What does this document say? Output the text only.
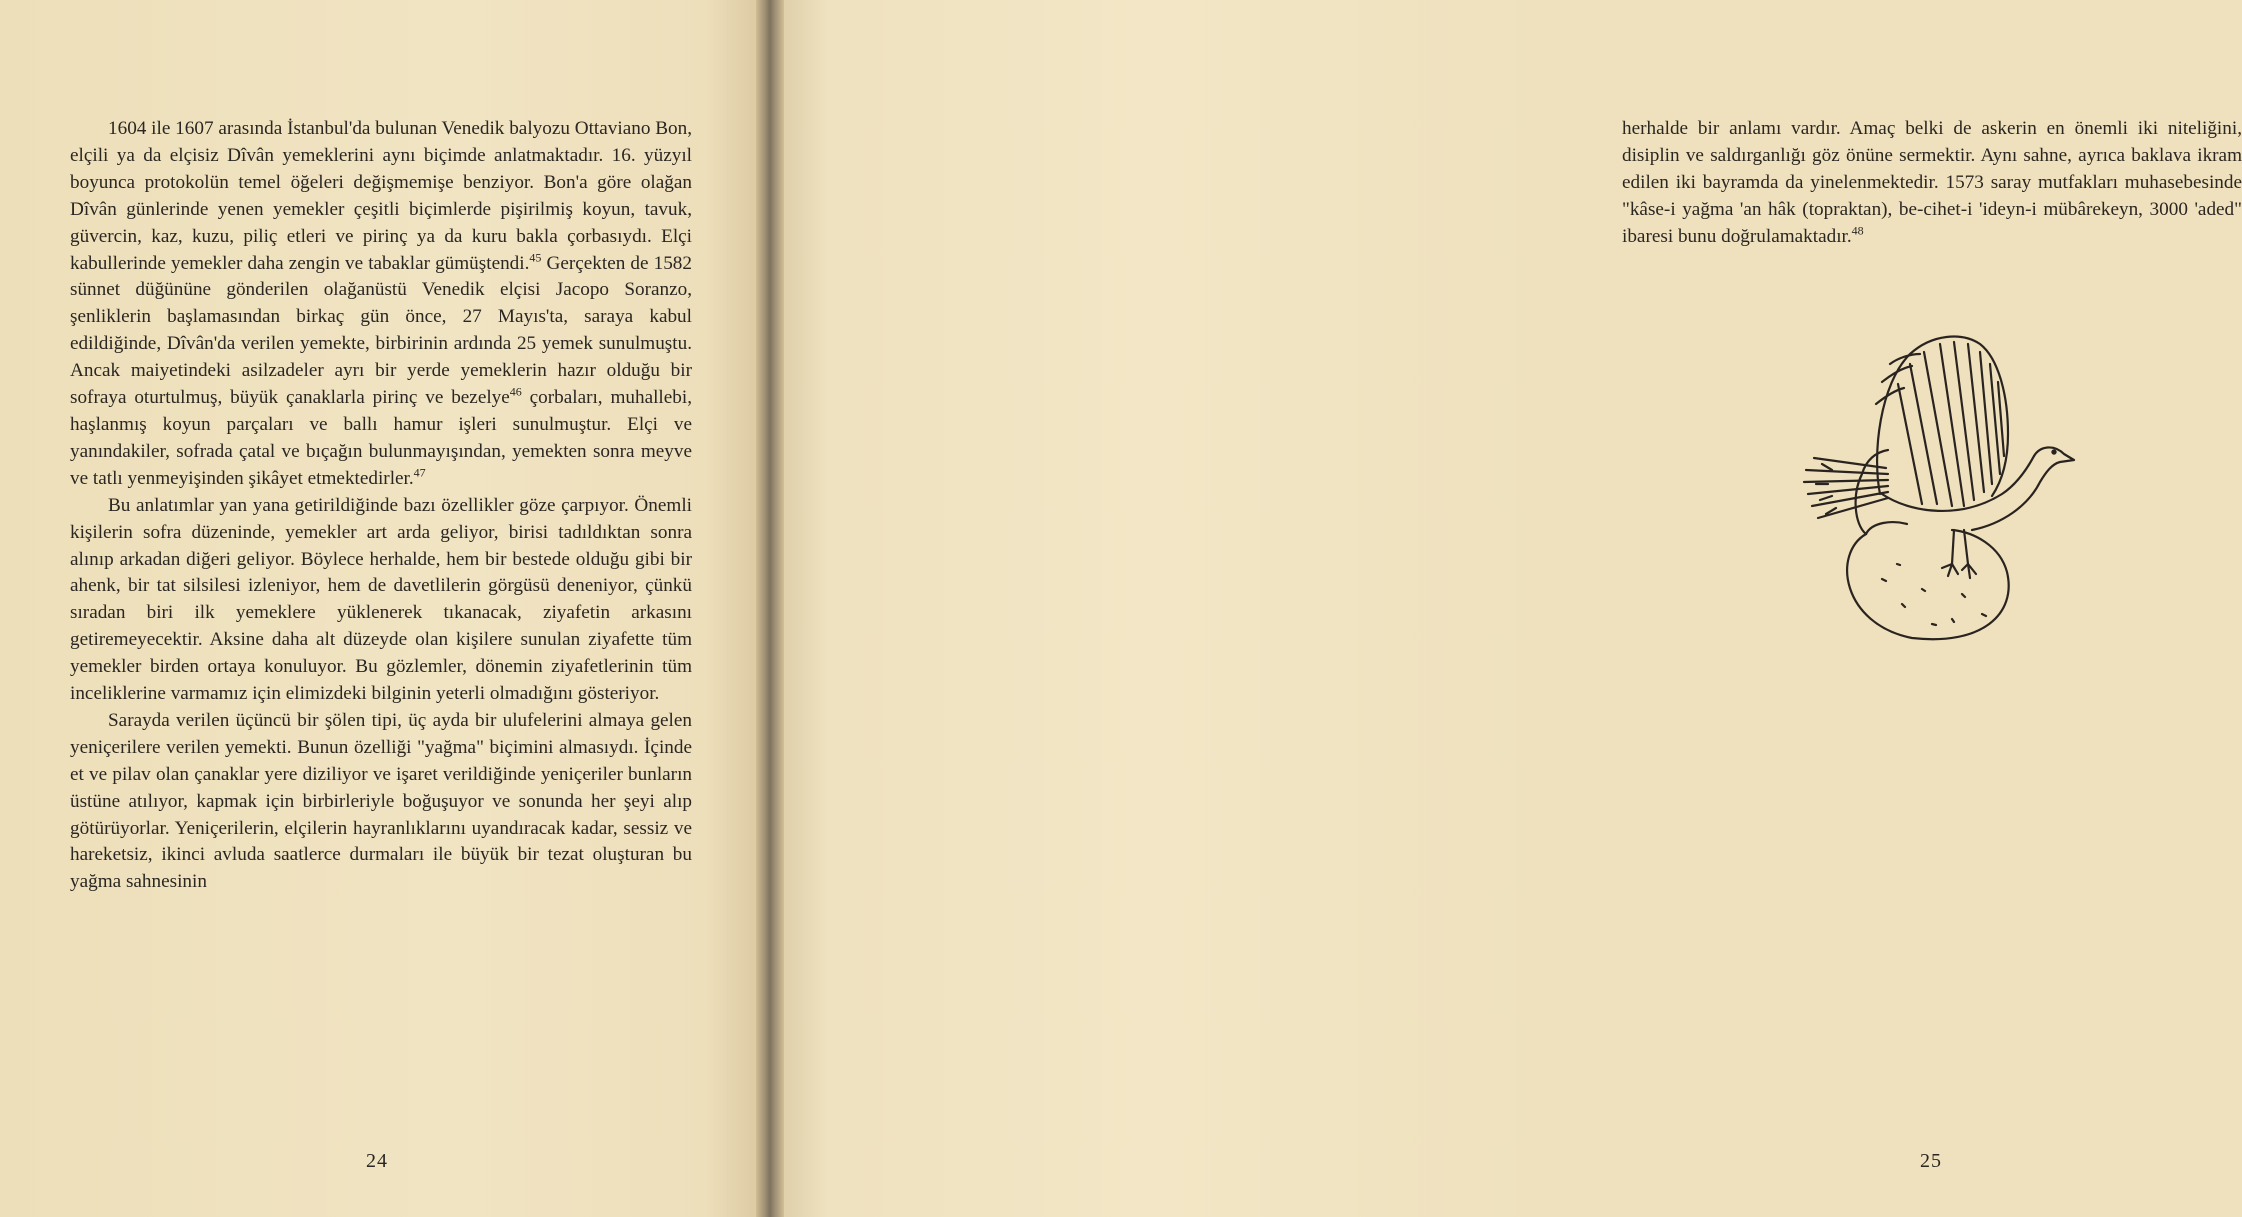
1604 ile 1607 arasında İstanbul'da bulunan Venedik balyozu Ottaviano Bon, elçili ya da elçisiz Dîvân yemeklerini aynı biçimde anlatmaktadır. 16. yüzyıl boyunca protokolün temel öğeleri değişmemişe benziyor. Bon'a göre olağan Dîvân günlerinde yenen yemekler çeşitli biçimlerde pişirilmiş koyun, tavuk, güvercin, kaz, kuzu, piliç etleri ve pirinç ya da kuru bakla çorbasıydı. Elçi kabullerinde yemekler daha zengin ve tabaklar gümüştendi.$^{45}$ Gerçekten de 1582 sünnet düğününe gönderilen olağanüstü Venedik elçisi Jacopo Soranzo, şenliklerin başlamasından birkaç gün önce, 27 Mayıs'ta, saraya kabul edildiğinde, Dîvân'da verilen yemekte, birbirinin ardında 25 yemek sunulmuştu. Ancak maiyetindeki asilzadeler ayrı bir yerde yemeklerin hazır olduğu bir sofraya oturtulmuş, büyük çanaklarla pirinç ve bezelye$^{46}$ çorbaları, muhallebi, haşlanmış koyun parçaları ve ballı hamur işleri sunulmuştur. Elçi ve yanındakiler, sofrada çatal ve bıçağın bulunmayışından, yemekten sonra meyve ve tatlı yenmeyişinden şikâyet etmektedirler.$^{47}$

Bu anlatımlar yan yana getirildiğinde bazı özellikler göze çarpıyor. Önemli kişilerin sofra düzeninde, yemekler art arda geliyor, birisi tadıldıktan sonra alınıp arkadan diğeri geliyor. Böylece herhalde, hem bir bestede olduğu gibi bir ahenk, bir tat silsilesi izleniyor, hem de davetlilerin görgüsü deneniyor, çünkü sıradan biri ilk yemeklere yüklenerek tıkanacak, ziyafetin arkasını getiremeyecektir. Aksine daha alt düzeyde olan kişilere sunulan ziyafette tüm yemekler birden ortaya konuluyor. Bu gözlemler, dönemin ziyafetlerinin tüm inceliklerine varmamız için elimizdeki bilginin yeterli olmadığını gösteriyor.

Sarayda verilen üçüncü bir şölen tipi, üç ayda bir ulufelerini almaya gelen yeniçerilere verilen yemekti. Bunun özelliği "yağma" biçimini almasıydı. İçinde et ve pilav olan çanaklar yere diziliyor ve işaret verildiğinde yeniçeriler bunların üstüne atılıyor, kapmak için birbirleriyle boğuşuyor ve sonunda her şeyi alıp götürüyorlar. Yeniçerilerin, elçilerin hayranlıklarını uyandıracak kadar, sessiz ve hareketsiz, ikinci avluda saatlerce durmaları ile büyük bir tezat oluşturan bu yağma sahnesinin

24

herhalde bir anlamı vardır. Amaç belki de askerin en önemli iki niteliğini, disiplin ve saldırganlığı göz önüne sermektir. Aynı sahne, ayrıca baklava ikram edilen iki bayramda da yinelenmektedir. 1573 saray mutfakları muhasebesinde "kâse-i yağma 'an hâk (topraktan), be-cihet-i 'ideyn-i mübârekeyn, 3000 'aded" ibaresi bunu doğrulamaktadır.$^{48}$

25
